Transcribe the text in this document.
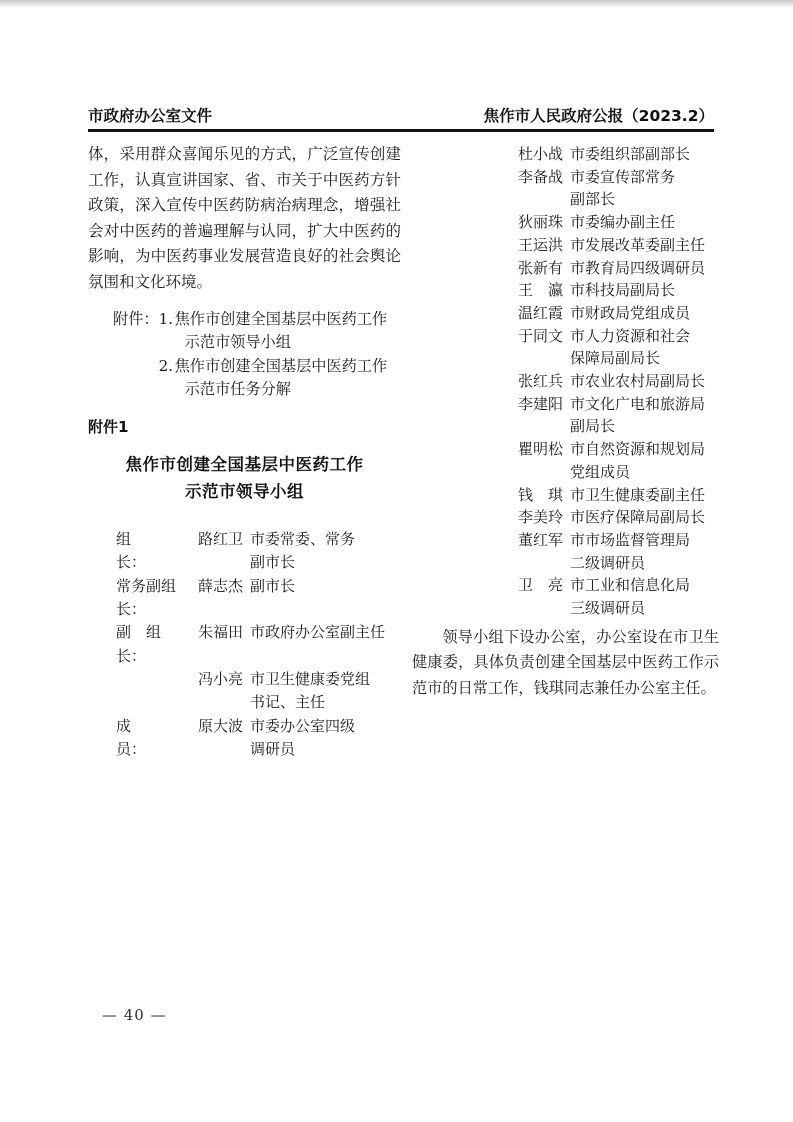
市政府办公室文件	焦作市人民政府公报（2023.2）

体，采用群众喜闻乐见的方式，广泛宣传创建工作，认真宣讲国家、省、市关于中医药方针政策，深入宣传中医药防病治病理念，增强社会对中医药的普遍理解与认同，扩大中医药的影响，为中医药事业发展营造良好的社会舆论氛围和文化环境。

附件： 1. 焦作市创建全国基层中医药工作
示范市领导小组
2. 焦作市创建全国基层中医药工作
示范市任务分解
附件1
焦作市创建全国基层中医药工作
示范市领导小组
组　　　长：
路红卫 市委常委、常务
副市长
常务副组长：
薛志杰 副市长
副　组　长：
朱福田 市政府办公室副主任
冯小亮 市卫生健康委党组
书记、主任
成　　　员：
原大波 市委办公室四级
调研员
杜小战 市委组织部副部长
李备战 市委宣传部常务
副部长
狄丽珠 市委编办副主任
王运洪 市发展改革委副主任
张新有 市教育局四级调研员
王　瀛 市科技局副局长
温红霞 市财政局党组成员
于同文 市人力资源和社会
保障局副局长
张红兵 市农业农村局副局长
李建阳 市文化广电和旅游局
副局长
瞿明松 市自然资源和规划局
党组成员
钱　琪 市卫生健康委副主任
李美玲 市医疗保障局副局长
董红军 市市场监督管理局
二级调研员
卫　亮 市工业和信息化局
三级调研员

领导小组下设办公室，办公室设在市卫生健康委，具体负责创建全国基层中医药工作示范市的日常工作，钱琪同志兼任办公室主任。

— 40 —
